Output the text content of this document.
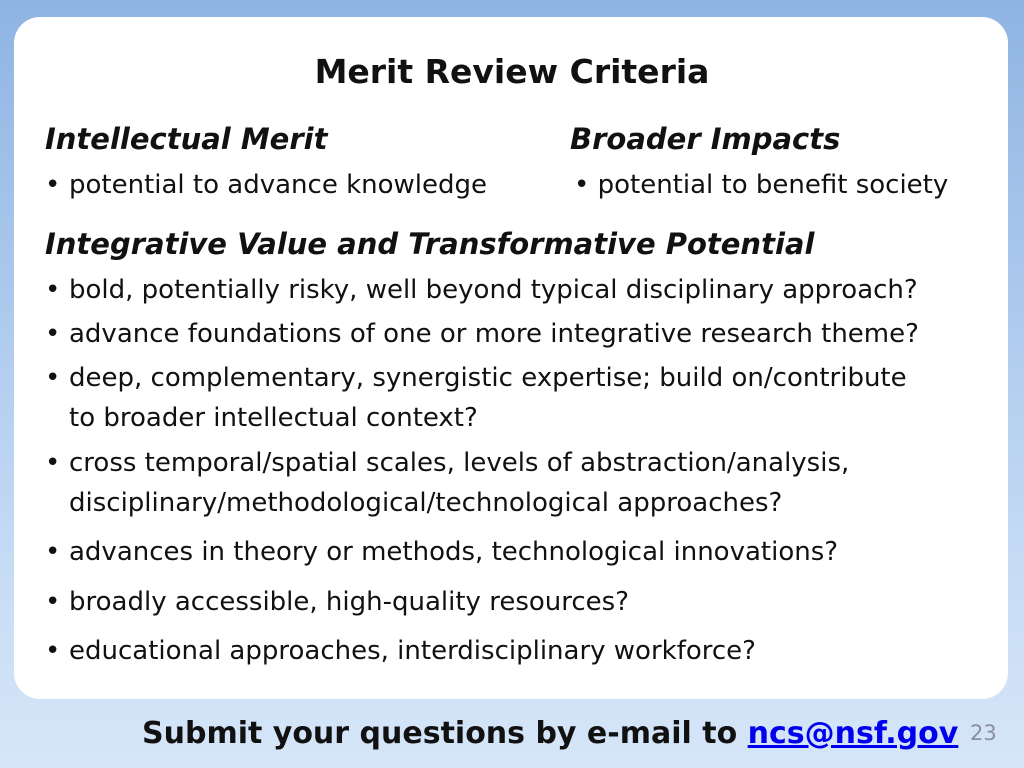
Merit Review Criteria
Intellectual Merit
• potential to advance knowledge
Broader Impacts
• potential to benefit society
Integrative Value and Transformative Potential
• bold, potentially risky, well beyond typical disciplinary approach?
• advance foundations of one or more integrative research theme?
• deep, complementary, synergistic expertise; build on/contribute
to broader intellectual context?
• cross temporal/spatial scales, levels of abstraction/analysis,
disciplinary/methodological/technological approaches?
• advances in theory or methods, technological innovations?
• broadly accessible, high-quality resources?
• educational approaches, interdisciplinary workforce?
Submit your questions by e-mail to ncs@nsf.gov 23
